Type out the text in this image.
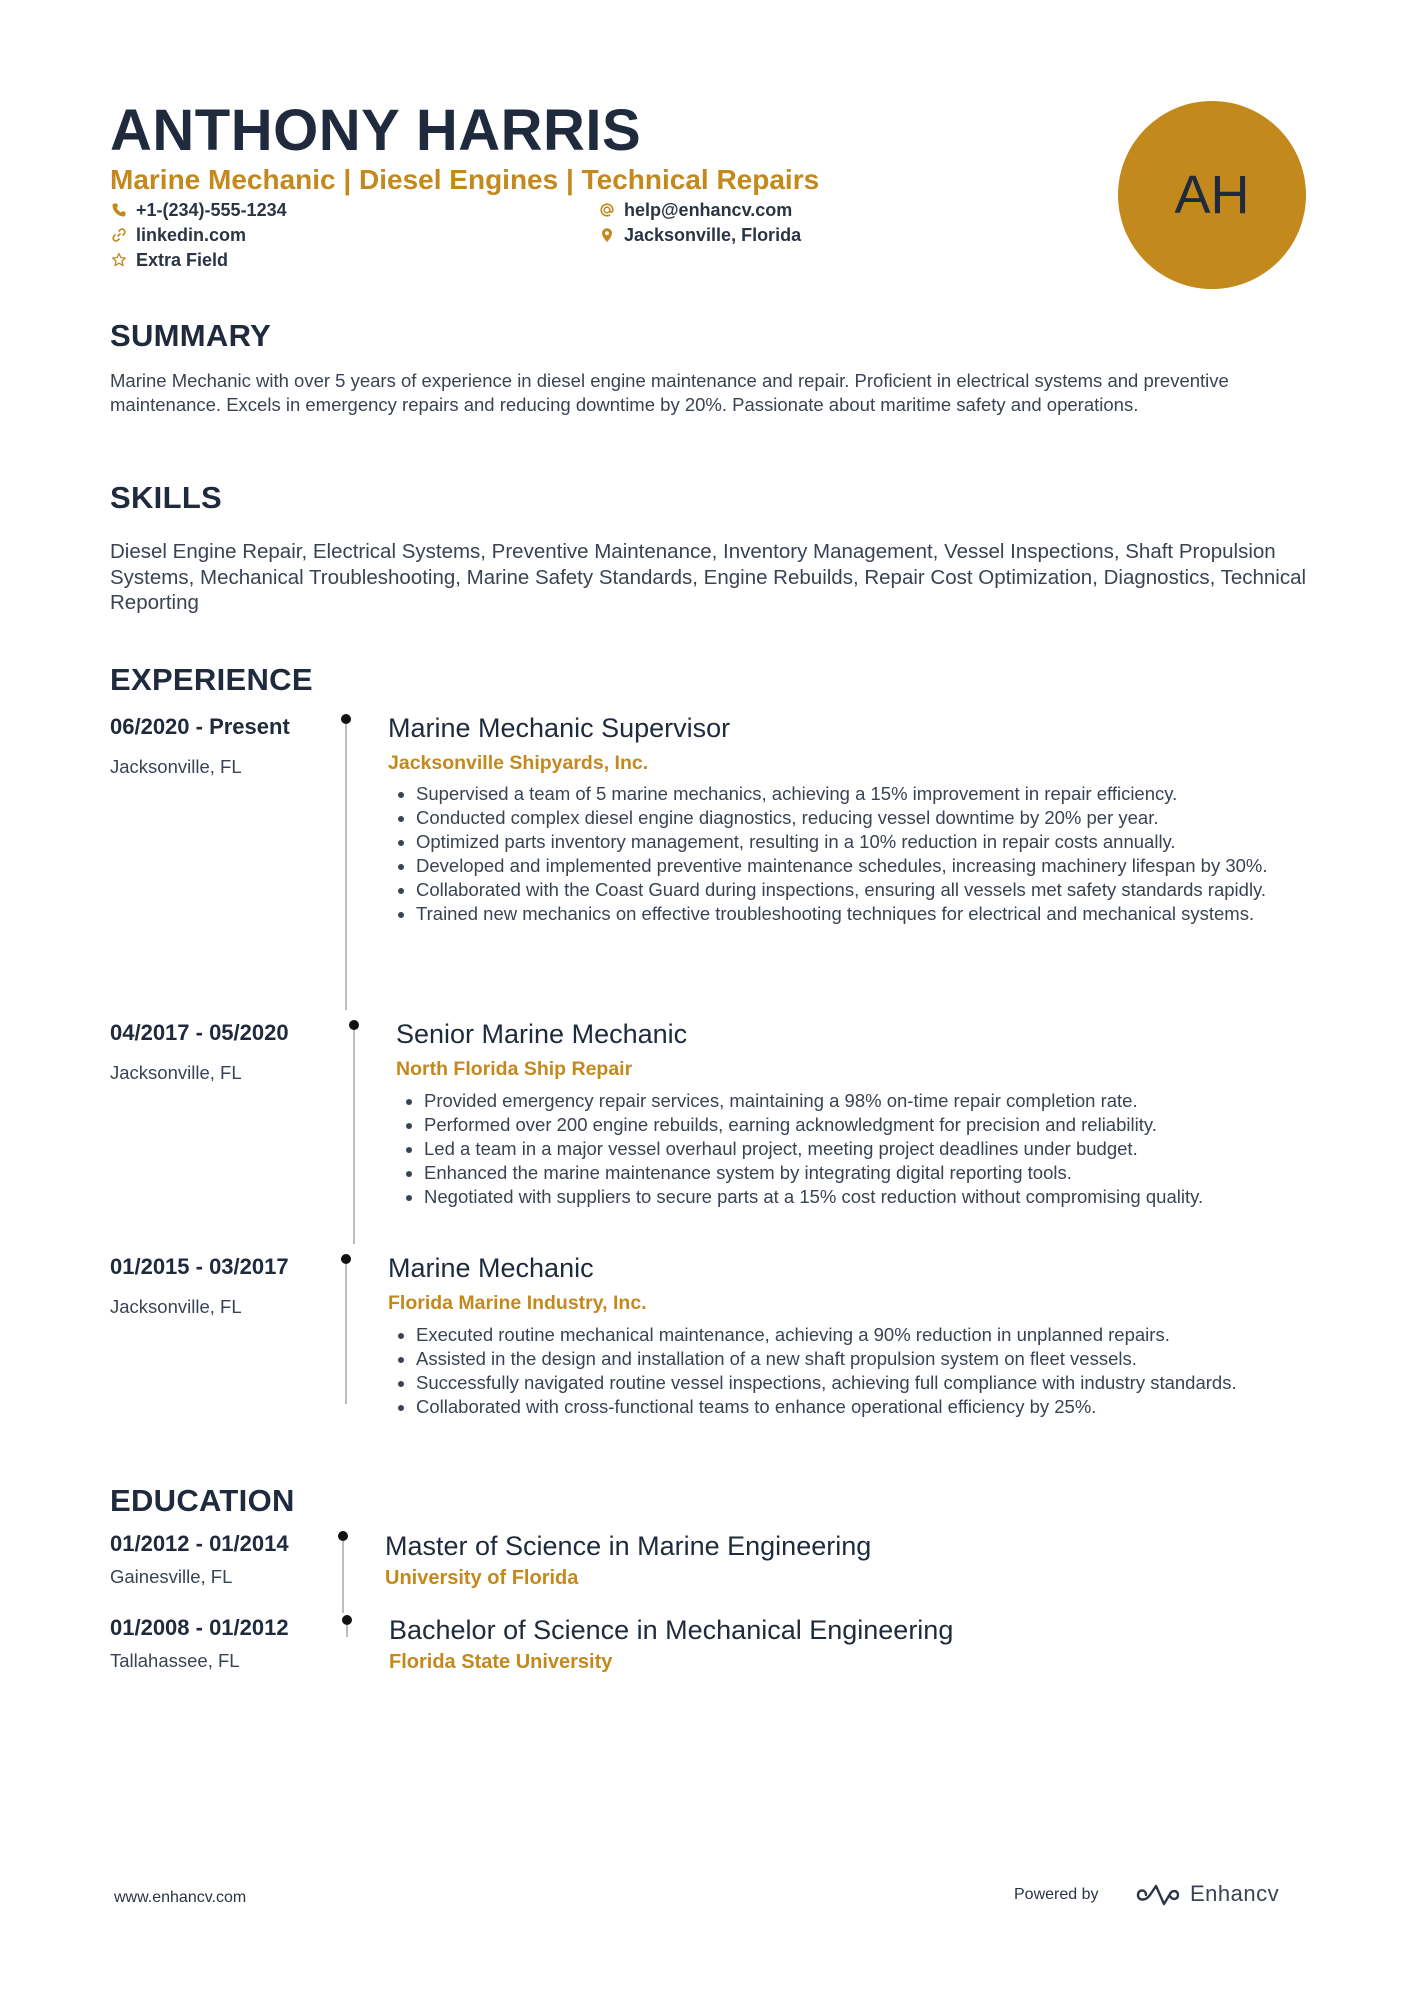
ANTHONY HARRIS
Marine Mechanic | Diesel Engines | Technical Repairs
+1-(234)-555-1234	help@enhancv.com
linkedin.com	Jacksonville, Florida
Extra Field
AH
SUMMARY
Marine Mechanic with over 5 years of experience in diesel engine maintenance and repair. Proficient in electrical systems and preventive maintenance. Excels in emergency repairs and reducing downtime by 20%. Passionate about maritime safety and operations.
SKILLS
Diesel Engine Repair, Electrical Systems, Preventive Maintenance, Inventory Management, Vessel Inspections, Shaft Propulsion Systems, Mechanical Troubleshooting, Marine Safety Standards, Engine Rebuilds, Repair Cost Optimization, Diagnostics, Technical Reporting
EXPERIENCE
06/2020 - Present
Jacksonville, FL
Marine Mechanic Supervisor
Jacksonville Shipyards, Inc.
• Supervised a team of 5 marine mechanics, achieving a 15% improvement in repair efficiency.
• Conducted complex diesel engine diagnostics, reducing vessel downtime by 20% per year.
• Optimized parts inventory management, resulting in a 10% reduction in repair costs annually.
• Developed and implemented preventive maintenance schedules, increasing machinery lifespan by 30%.
• Collaborated with the Coast Guard during inspections, ensuring all vessels met safety standards rapidly.
• Trained new mechanics on effective troubleshooting techniques for electrical and mechanical systems.
04/2017 - 05/2020
Jacksonville, FL
Senior Marine Mechanic
North Florida Ship Repair
• Provided emergency repair services, maintaining a 98% on-time repair completion rate.
• Performed over 200 engine rebuilds, earning acknowledgment for precision and reliability.
• Led a team in a major vessel overhaul project, meeting project deadlines under budget.
• Enhanced the marine maintenance system by integrating digital reporting tools.
• Negotiated with suppliers to secure parts at a 15% cost reduction without compromising quality.
01/2015 - 03/2017
Jacksonville, FL
Marine Mechanic
Florida Marine Industry, Inc.
• Executed routine mechanical maintenance, achieving a 90% reduction in unplanned repairs.
• Assisted in the design and installation of a new shaft propulsion system on fleet vessels.
• Successfully navigated routine vessel inspections, achieving full compliance with industry standards.
• Collaborated with cross-functional teams to enhance operational efficiency by 25%.
EDUCATION
01/2012 - 01/2014
Gainesville, FL
Master of Science in Marine Engineering
University of Florida
01/2008 - 01/2012
Tallahassee, FL
Bachelor of Science in Mechanical Engineering
Florida State University
www.enhancv.com	Powered by	Enhancv
